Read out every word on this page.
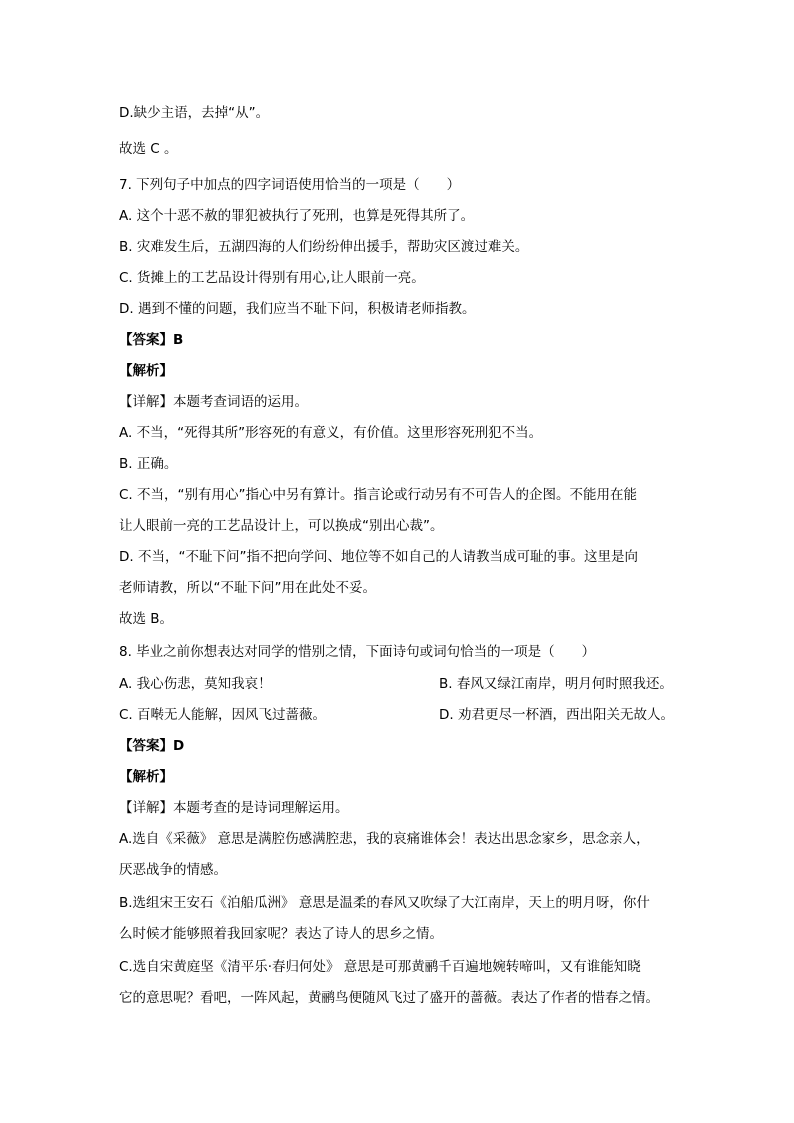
D.缺少主语，去掉“从”。
故选 C 。
7. 下列句子中加点的四字词语使用恰当的一项是（　　）
A. 这个十恶不赦的罪犯被执行了死刑，也算是死得其所了。
B. 灾难发生后，五湖四海的人们纷纷伸出援手，帮助灾区渡过难关。
C. 货摊上的工艺品设计得别有用心,让人眼前一亮。
D. 遇到不懂的问题，我们应当不耻下问，积极请老师指教。
【答案】B
【解析】
【详解】本题考查词语的运用。
A. 不当，“死得其所”形容死的有意义，有价值。这里形容死刑犯不当。
B. 正确。
C. 不当，“别有用心”指心中另有算计。指言论或行动另有不可告人的企图。不能用在能
让人眼前一亮的工艺品设计上，可以换成“别出心裁”。
D. 不当，“不耻下问”指不把向学问、地位等不如自己的人请教当成可耻的事。这里是向
老师请教，所以“不耻下问”用在此处不妥。
故选 B。
8. 毕业之前你想表达对同学的惜别之情，下面诗句或词句恰当的一项是（　　）
A. 我心伤悲，莫知我哀！	B. 春风又绿江南岸，明月何时照我还。
C. 百啭无人能解，因风飞过蔷薇。	D. 劝君更尽一杯酒，西出阳关无故人。
【答案】D
【解析】
【详解】本题考查的是诗词理解运用。
A.选自《采薇》 意思是满腔伤感满腔悲，我的哀痛谁体会！表达出思念家乡，思念亲人，
厌恶战争的情感。
B.选组宋王安石《泊船瓜洲》 意思是温柔的春风又吹绿了大江南岸，天上的明月呀，你什
么时候才能够照着我回家呢？表达了诗人的思乡之情。
C.选自宋黄庭坚《清平乐·春归何处》 意思是可那黄鹂千百遍地婉转啼叫，又有谁能知晓
它的意思呢？看吧，一阵风起，黄鹂鸟便随风飞过了盛开的蔷薇。表达了作者的惜春之情。
